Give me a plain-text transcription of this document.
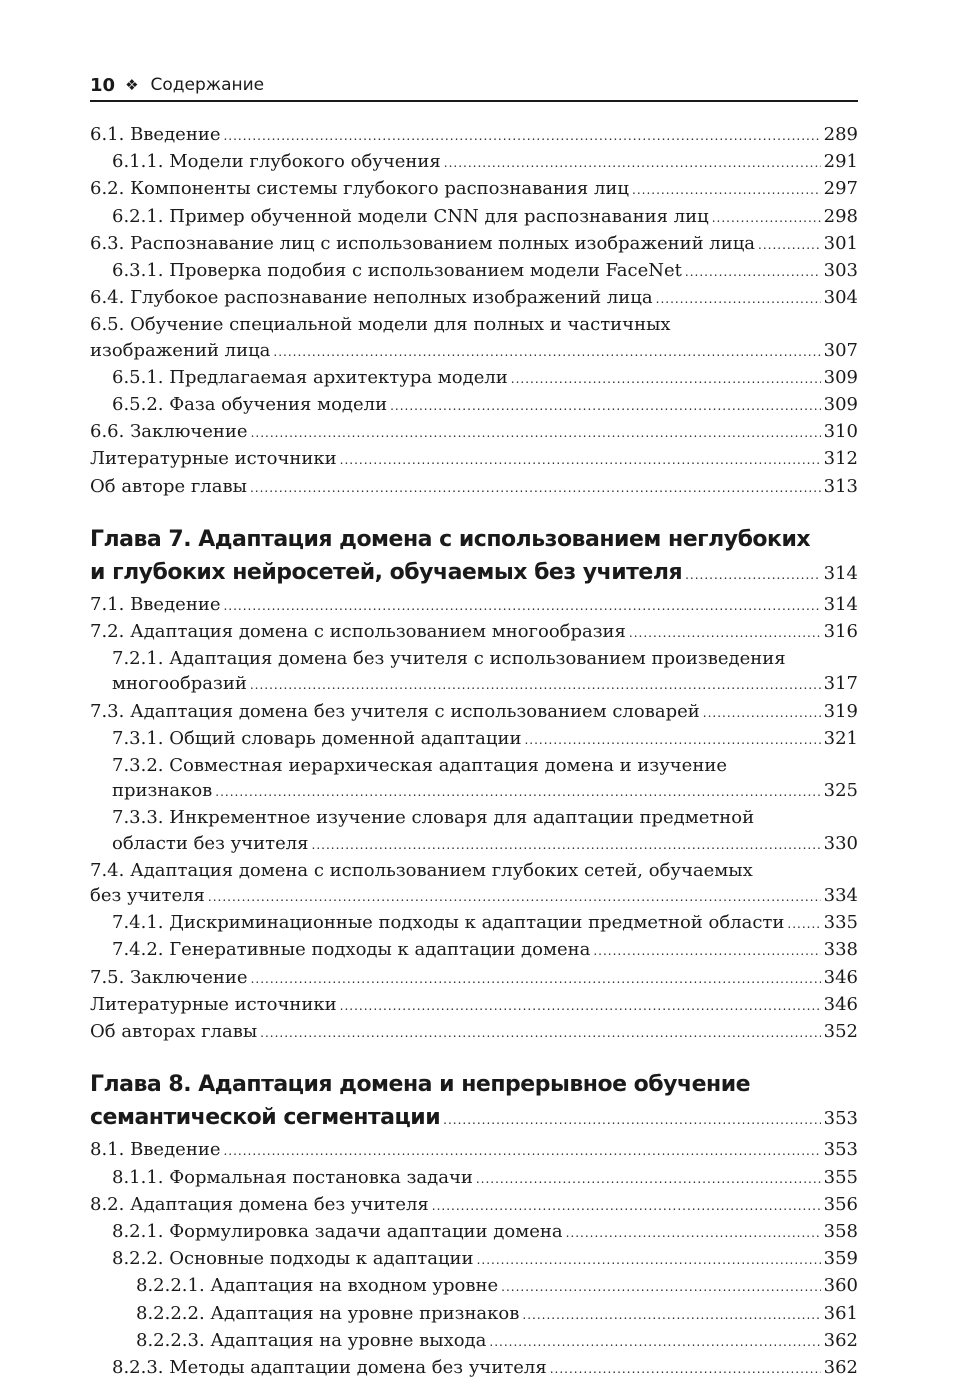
10 ❖ Содержание
6.1. Введение .....	289
6.1.1. Модели глубокого обучения .....	291
6.2. Компоненты системы глубокого распознавания лиц .....	297
6.2.1. Пример обученной модели CNN для распознавания лиц .....	298
6.3. Распознавание лиц с использованием полных изображений лица .....	301
6.3.1. Проверка подобия с использованием модели FaceNet .....	303
6.4. Глубокое распознавание неполных изображений лица .....	304
6.5. Обучение специальной модели для полных и частичных
изображений лица .....	307
6.5.1. Предлагаемая архитектура модели .....	309
6.5.2. Фаза обучения модели .....	309
6.6. Заключение .....	310
Литературные источники .....	312
Об авторе главы .....	313
Глава 7. Адаптация домена с использованием неглубоких
и глубоких нейросетей, обучаемых без учителя .....	314
7.1. Введение .....	314
7.2. Адаптация домена с использованием многообразия .....	316
7.2.1. Адаптация домена без учителя с использованием произведения
многообразий .....	317
7.3. Адаптация домена без учителя с использованием словарей .....	319
7.3.1. Общий словарь доменной адаптации .....	321
7.3.2. Совместная иерархическая адаптация домена и изучение
признаков .....	325
7.3.3. Инкрементное изучение словаря для адаптации предметной
области без учителя .....	330
7.4. Адаптация домена с использованием глубоких сетей, обучаемых
без учителя .....	334
7.4.1. Дискриминационные подходы к адаптации предметной области ..... 335
7.4.2. Генеративные подходы к адаптации домена .....	338
7.5. Заключение .....	346
Литературные источники .....	346
Об авторах главы .....	352
Глава 8. Адаптация домена и непрерывное обучение
семантической сегментации .....	353
8.1. Введение .....	353
8.1.1. Формальная постановка задачи .....	355
8.2. Адаптация домена без учителя .....	356
8.2.1. Формулировка задачи адаптации домена .....	358
8.2.2. Основные подходы к адаптации .....	359
8.2.2.1. Адаптация на входном уровне .....	360
8.2.2.2. Адаптация на уровне признаков .....	361
8.2.2.3. Адаптация на уровне выхода .....	362
8.2.3. Методы адаптации домена без учителя .....	362
